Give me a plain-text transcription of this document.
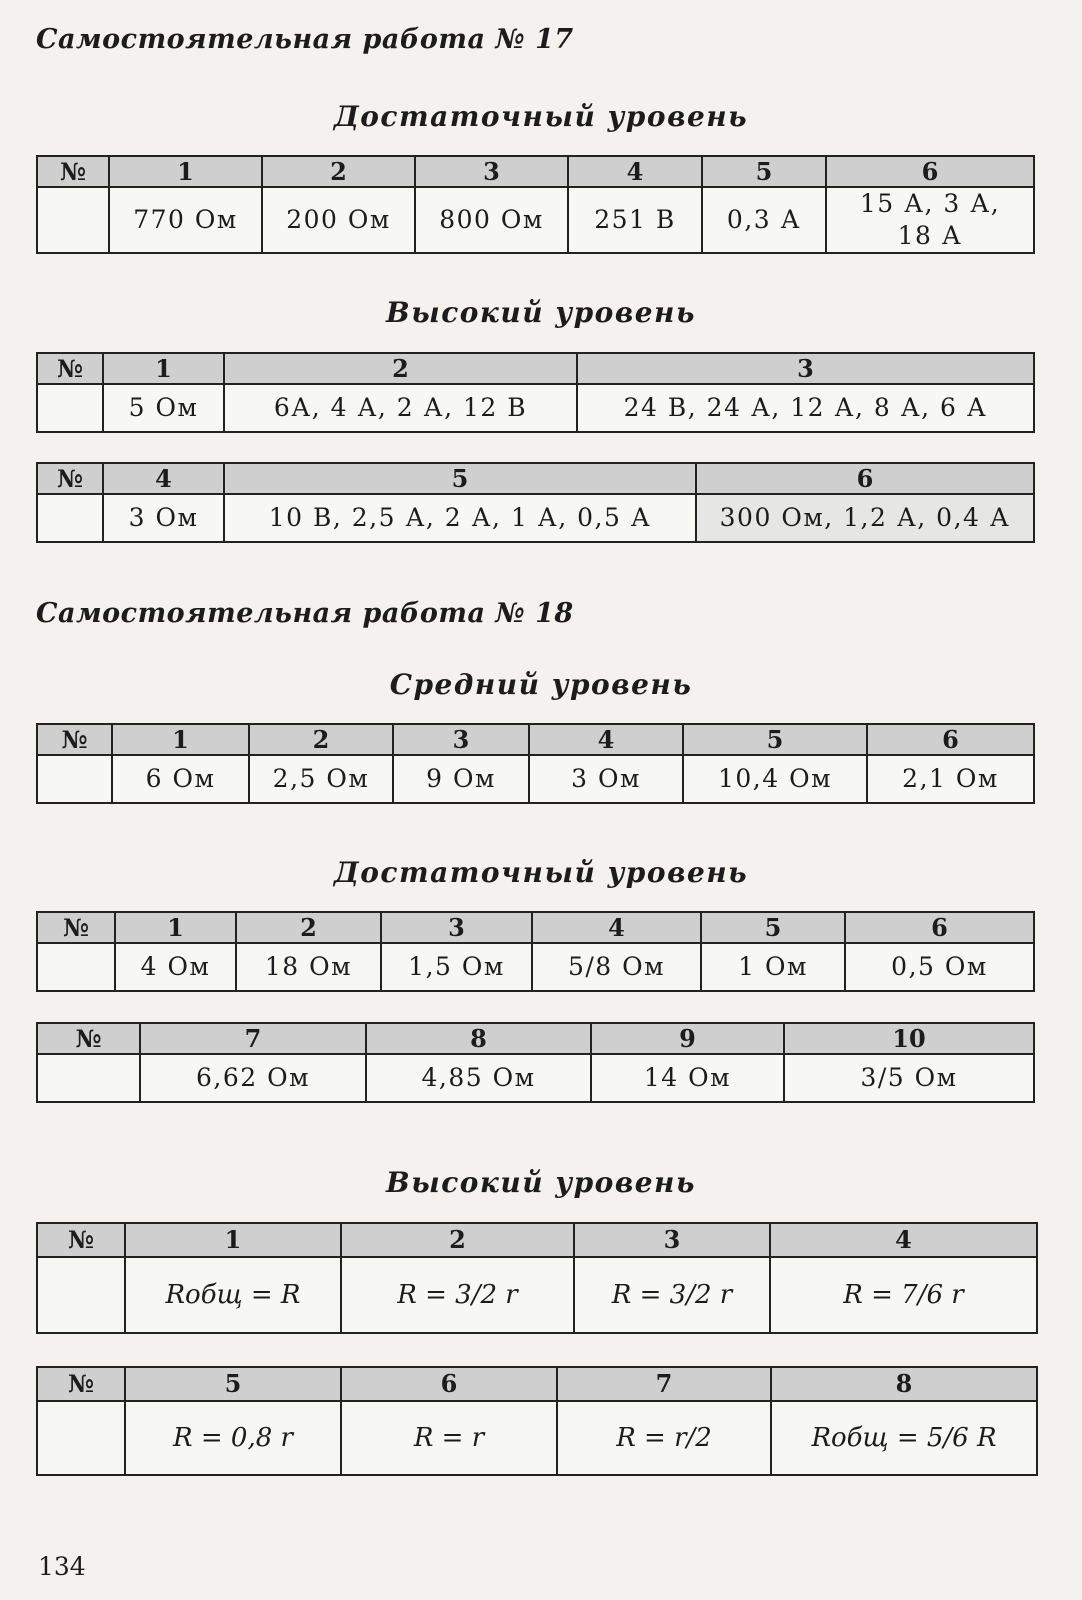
Самостоятельная работа № 17
Достаточный уровень
№	1	2	3	4	5	6
	770 Ом	200 Ом	800 Ом	251 В	0,3 А	15 А, 3 А, 18 А
Высокий уровень
№	1	2	3
	5 Ом	6А, 4 А, 2 А, 12 В	24 В, 24 А, 12 А, 8 А, 6 А
№	4	5	6
	3 Ом	10 В, 2,5 А, 2 А, 1 А, 0,5 А	300 Ом, 1,2 А, 0,4 А
Самостоятельная работа № 18
Средний уровень
№	1	2	3	4	5	6
	6 Ом	2,5 Ом	9 Ом	3 Ом	10,4 Ом	2,1 Ом
Достаточный уровень
№	1	2	3	4	5	6
	4 Ом	18 Ом	1,5 Ом	5/8 Ом	1 Ом	0,5 Ом
№	7	8	9	10
	6,62 Ом	4,85 Ом	14 Ом	3/5 Ом
Высокий уровень
№	1	2	3	4
	Rобщ = R	R = 3/2 r	R = 3/2 r	R = 7/6 r
№	5	6	7	8
	R = 0,8 r	R = r	R = r/2	Rобщ = 5/6 R
134
